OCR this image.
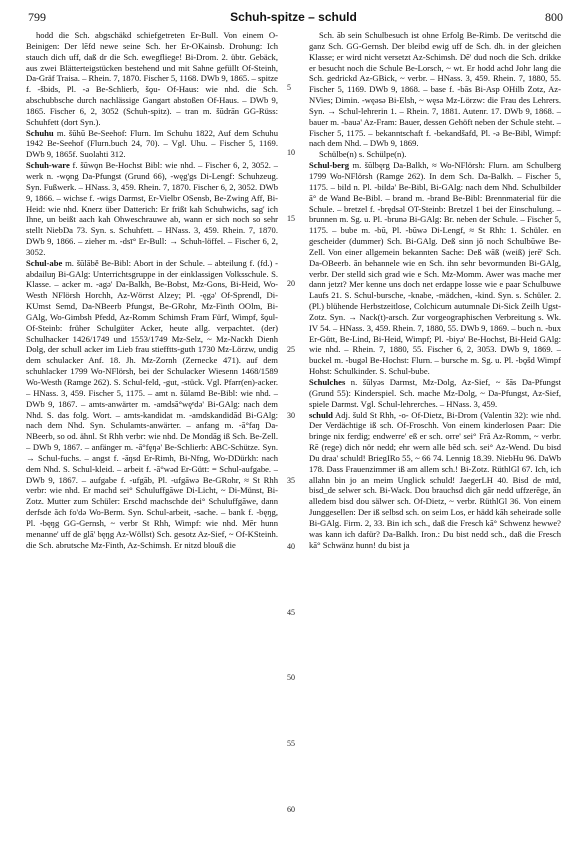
799	Schuh-spitze – schuld	800

hodd die Sch. abgschäkd schiefgetreten Er-Bull. Von einem O-Beinigen: Der lēfd newe seine Sch. her Er-OKainsb. Drohung: Ich stauch dich uff, daß dr die Sch. ewegfliege! Bi-Drom. 2. übtr. Gebäck, aus zwei Blätterteigstücken bestehend und mit Sahne gefüllt Of-Steinh, Da-Gräf Traisa. – Rhein. 7, 1870. Fischer 5, 1168. DWb 9, 1865. – spitze f. -šbids, Pl. -ə Be-Schlierb, šǫu- Of-Haus: wie nhd. die Sch. abschubbsche durch nachlässige Gangart abstoßen Of-Haus. – DWb 9, 1865. Fischer 6, 2, 3052 (Schuh-spitz). – tran m. šūdrān GG-Rüss: Schuhfett (dort Syn.).

Schuhu m. šūhū Be-Seehof: Flurn. Im Schuhu 1822, Auf dem Schuhu 1942 Be-Seehof (Flurn.buch 24, 70). – Vgl. Uhu. – Fischer 5, 1169. DWb 9, 1865f. Suolahti 312.

Schuh-ware f. šūwǫn Be-Hochst Bibl: wie nhd. – Fischer 6, 2, 3052. – werk n. -wǫng Da-Pfungst (Grund 66), -węg'gs Di-Lengf: Schuhzeug. Syn. Fußwerk. – HNass. 3, 459. Rhein. 7, 1870. Fischer 6, 2, 3052. DWb 9, 1866. – wichse f. -wigs Darmst, Er-Vielbr OSensb, Be-Zwing Aff, Bi-Heid: wie nhd. Knerz über Datterich: Er frißt kah Schuhwichs, sag' ich Ihne, un beißt aach kah Ohweschrauwe ab, wann er sich noch so sehr stellt NiebDa 73. Syn. s. Schuhfett. – HNass. 3, 459. Rhein. 7, 1870. DWb 9, 1866. – zieher m. -dsī° Er-Bull: → Schuh-löffel. – Fischer 6, 2, 3052.

Schul-abe m. šūlābě Be-Bibl: Abort in der Schule. – abteilung f. (fd.) -abdailuŋ Bi-GAlg: Unterrichtsgruppe in der einklassigen Volksschule. S. Klasse. – acker m. -agə' Da-Balkh, Be-Bobst, Mz-Gons, Bi-Heid, Wo-Westh NFlörsh Horchh, Az-Wörrst Alzey; Pl. -ęgə' Of-Sprendl, Di-KUmst Semd, Da-NBeerb Pfungst, Be-GRohr, Mz-Finth OOlm, Bi-GAlg, Wo-Gimbsh Pfedd, Az-Romm Schimsh Fram Fürf, Wimpf, šǫul- Of-Steinb: früher Schulgüter Acker, heute allg. verpachtet. (der) Schulhacker 1426/1749 und 1553/1749 Mz-Selz, ~ Mz-Nackh Dienh Dolg, der schull acker im Lieb frau stiefftts-guth 1730 Mz-Lörzw, undig dem schulacker Anf. 18. Jh. Mz-Zornh (Zernecke 471). auf dem schuhlacker 1799 Wo-NFlörsh, bei der Schulacker Wiesenn 1468/1589 Wo-Westh (Ramge 262). S. Schul-feld, -gut, -stück. Vgl. Pfarr(en)-acker. – HNass. 3, 459. Fischer 5, 1175. – amt n. šūlamd Be-Bibl: wie nhd. – DWb 9, 1867. – amts-anwärter m. -amdsā°węᵉdǝ' Bi-GAlg: nach dem Nhd. S. das folg. Wort. – amts-kandidat m. -amdskandidād Bi-GAlg: nach dem Nhd. Syn. Schulamts-anwärter. – anfang m. -ā°faŋ Da-NBeerb, so od. ähnl. St Rhh verbr: wie nhd. De Mondāg iß Sch. Be-Zell. – DWb 9, 1867. – anfänger m. -ā°fęŋǝ' Be-Schlierb: ABC-Schütze. Syn. → Schul-fuchs. – angst f. -āŋsd Er-Rimh, Bi-Nfng, Wo-DDürkh: nach dem Nhd. S. Schul-kleid. – arbeit f. -ā°wǝd Er-Gütt: = Schul-aufgabe. – DWb 9, 1867. – aufgabe f. -ufgāb, Pl. -ufgāwǝ Be-GRohr, ≈ St Rhh verbr: wie nhd. Er machd sei° Schuluffgāwe Di-Licht, ~ Di-Münst, Bi-Zotz. Mutter zum Schüler: Erschd machschde dei° Schuluffgāwe, dann derfsde ăch fo'dǝ Wo-Berm. Syn. Schul-arbeit, -sache. – bank f. -bęŋg, Pl. -bęŋg GG-Gernsh, ~ verbr St Rhh, Wimpf: wie nhd. Mēr hunn menanne' uff de glā' bęŋg Az-Wöllst) Sch. gesotz Az-Sief, ~ Of-KSteinh. die Sch. abrutsche Mz-Finth, Az-Schimsh. Er nitzd blouß die

Sch. āb sein Schulbesuch ist ohne Erfolg Be-Rimb. De veritschd die ganz Sch. GG-Gernsh. Der bleibd ewig uff de Sch. dh. in der gleichen Klasse; er wird nicht versetzt Az-Schimsh. Dē' dud noch die Sch. drikke er besucht noch die Schule Be-Lorsch, ~ wt. Er hodd achd Johr lang die Sch. gedrickd Az-GBick, ~ verbr. – HNass. 3, 459. Rhein. 7, 1880, 55. Fischer 5, 1169. DWb 9, 1868. – base f. -bās Bi-Asp OHilb Zotz, Az-NVies; Dimin. -węǝsǝ Bi-Elsh, ~ węsǝ Mz-Lörzw: die Frau des Lehrers. Syn. → Schul-lehrerin 1. – Rhein. 7, 1881. Autenr. 17. DWb 9, 1868. – bauer m. -bauǝ' Az-Fram: Bauer, dessen Gehöft neben der Schule steht. – Fischer 5, 1175. – bekanntschaft f. -bekandšafd, Pl. -ǝ Be-Bibl, Wimpf: nach dem Nhd. – DWb 9, 1869.

Schülbe(n) s. Schülpe(n).

Schul-berg m. šūlbęrg Da-Balkh, ≈ Wo-NFlörsh: Flurn. am Schulberg 1799 Wo-NFlörsh (Ramge 262). In dem Sch. Da-Balkh. – Fischer 5, 1175. – bild n. Pl. -bildǝ' Be-Bibl, Bi-GAlg: nach dem Nhd. Schulbilder ā° de Wand Be-Bibl. – brand m. -brand Be-Bibl: Brennmaterial für die Schule. – bretzel f. -brędsǝl OT-Steinb: Bretzel 1 bei der Einschulung. – brunnen m. Sg. u. Pl. -brunǝ Bi-GAlg: Br. neben der Schule. – Fischer 5, 1175. – bube m. -bū, Pl. -būwǝ Di-Lengf, ≈ St Rhh: 1. Schüler. en gescheider (dummer) Sch. Bi-GAlg. Deß sinn jō noch Schulbūwe Be-Zell. Von einer allgemein bekannten Sache: Deß wāß (weiß) jerē' Sch. Da-OBeerb. ān behannele wie en Sch. ihn sehr bevormunden Bi-GAlg, verbr. Der stelld sich grad wie e Sch. Mz-Momm. Awer was mache mer dann jetzt? Mer kenne uns doch net erdappe losse wie e paar Schulbuwe Laufs 21. S. Schul-bursche, -knabe, -mädchen, -kind. Syn. s. Schüler. 2. (Pl.) blühende Herbstzeitlose, Colchicum autumnale Di-Sick Zeilh Ugst-Zotz. Syn. → Nack(t)-arsch. Zur vorgeographischen Verbreitung s. Wk. IV 54. – HNass. 3, 459. Rhein. 7, 1880, 55. DWb 9, 1869. – buch n. -bux Er-Gütt, Be-Lind, Bi-Heid, Wimpf; Pl. -biyǝ' Be-Hochst, Bi-Heid GAlg: wie nhd. – Rhein. 7, 1880, 55. Fischer 6, 2, 3053. DWb 9, 1869. – buckel m. -bugǝl Be-Hochst: Flurn. – bursche m. Sg. u. Pl. -bǫšd Wimpf Hohst: Schulkinder. S. Schul-bube.

Schulches n. šūlyǝs Darmst, Mz-Dolg, Az-Sief, ~ šās Da-Pfungst (Grund 55): Kinderspiel. Sch. mache Mz-Dolg, ~ Da-Pfungst, Az-Sief, spiele Darmst. Vgl. Schul-lehrerches. – HNass. 3, 459.

schuld Adj. šuld St Rhh, -o- Of-Dietz, Bi-Drom (Valentin 32): wie nhd. Der Verdächtige iß sch. Of-Froschh. Von einem kinderlosen Paar: Die bringe nix ferdig; endwerre' eß er sch. orre' sei° Frā Az-Romm, ~ verbr. Rē (rege) dich nör nedd; ehr wern alle bēd sch. sei° Az-Wend. Du bisd Du draa' schuld! BriegIRo 55, ~ 66 74. Lennig 18.39. NiebHu 96. DaWb 178. Dass Frauenzimmer iß am allem sch.! Bi-Zotz. RüthlGl 67. Ich, ich allahn bin jo an meim Unglick schuld! JaegerLH 40. Bisd de mīd, bisd_de selwer sch. Bi-Wack. Dou brauchsd dich gār nedd uffzerēge, ān alledem bisd dou sälwer sch. Of-Dietz, ~ verbr. RüthlGl 36. Von einem Junggesellen: Der iß selbsd sch. on seim Los, er hädd kāh seheirade solle Bi-GAlg. Firm. 2, 33. Bin ich sch., daß die Fresch kā° Schwenz hewwe? was kann ich dafür? Da-Balkh. Iron.: Du bist nedd sch., daß die Fresch kā° Schwänz hunn! du bist ja

5
10
15
20
25
30
35
40
45
50
55
60
